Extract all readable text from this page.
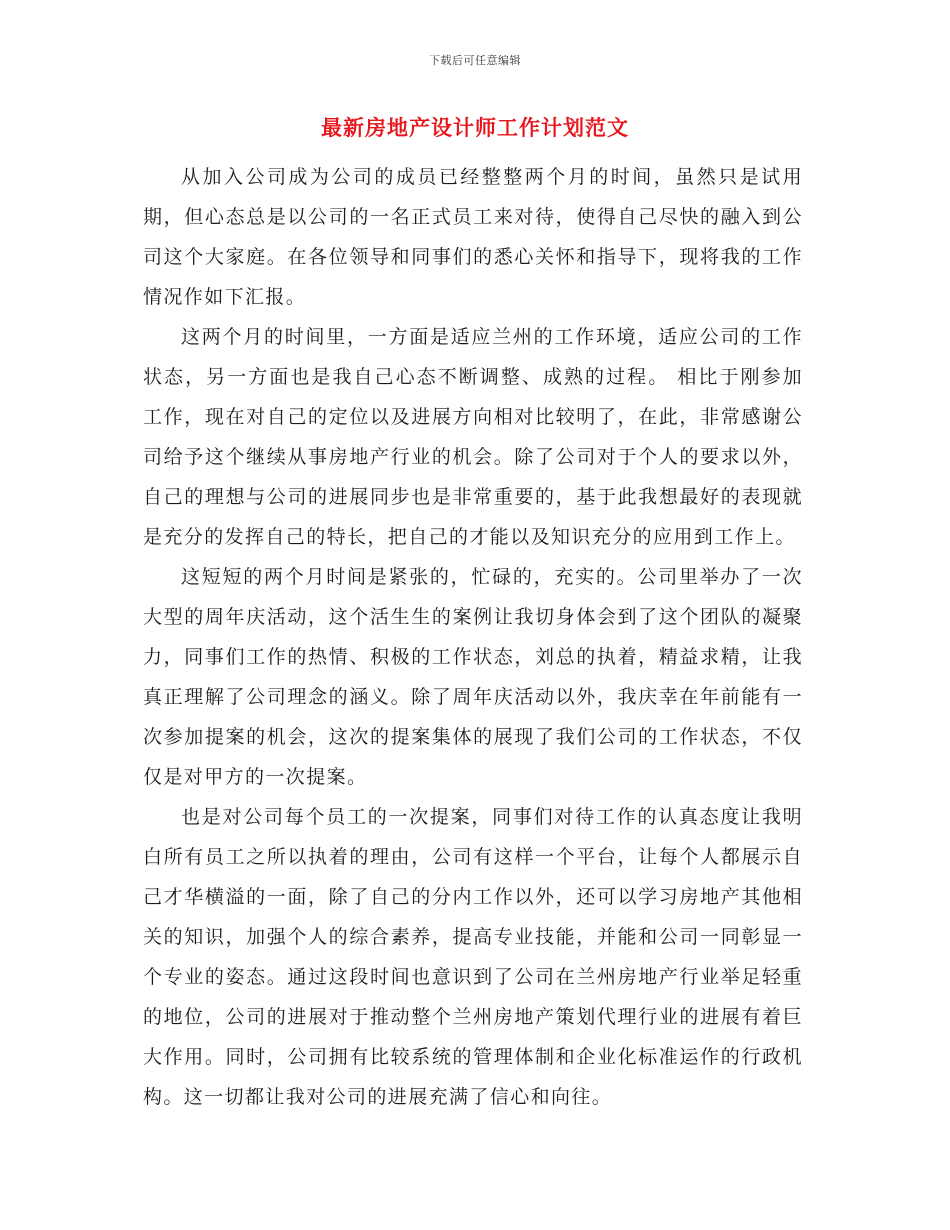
下载后可任意编辑
最新房地产设计师工作计划范文

从加入公司成为公司的成员已经整整两个月的时间，虽然只是试用期，但心态总是以公司的一名正式员工来对待，使得自己尽快的融入到公司这个大家庭。在各位领导和同事们的悉心关怀和指导下，现将我的工作情况作如下汇报。

这两个月的时间里，一方面是适应兰州的工作环境，适应公司的工作状态，另一方面也是我自己心态不断调整、成熟的过程。 相比于刚参加工作，现在对自己的定位以及进展方向相对比较明了，在此，非常感谢公司给予这个继续从事房地产行业的机会。除了公司对于个人的要求以外，自己的理想与公司的进展同步也是非常重要的，基于此我想最好的表现就是充分的发挥自己的特长，把自己的才能以及知识充分的应用到工作上。

这短短的两个月时间是紧张的，忙碌的，充实的。公司里举办了一次大型的周年庆活动，这个活生生的案例让我切身体会到了这个团队的凝聚力，同事们工作的热情、积极的工作状态，刘总的执着，精益求精，让我真正理解了公司理念的涵义。除了周年庆活动以外，我庆幸在年前能有一次参加提案的机会，这次的提案集体的展现了我们公司的工作状态，不仅仅是对甲方的一次提案。

也是对公司每个员工的一次提案，同事们对待工作的认真态度让我明白所有员工之所以执着的理由，公司有这样一个平台，让每个人都展示自己才华横溢的一面，除了自己的分内工作以外，还可以学习房地产其他相关的知识，加强个人的综合素养，提高专业技能，并能和公司一同彰显一个专业的姿态。通过这段时间也意识到了公司在兰州房地产行业举足轻重的地位，公司的进展对于推动整个兰州房地产策划代理行业的进展有着巨大作用。同时，公司拥有比较系统的管理体制和企业化标准运作的行政机构。这一切都让我对公司的进展充满了信心和向往。
